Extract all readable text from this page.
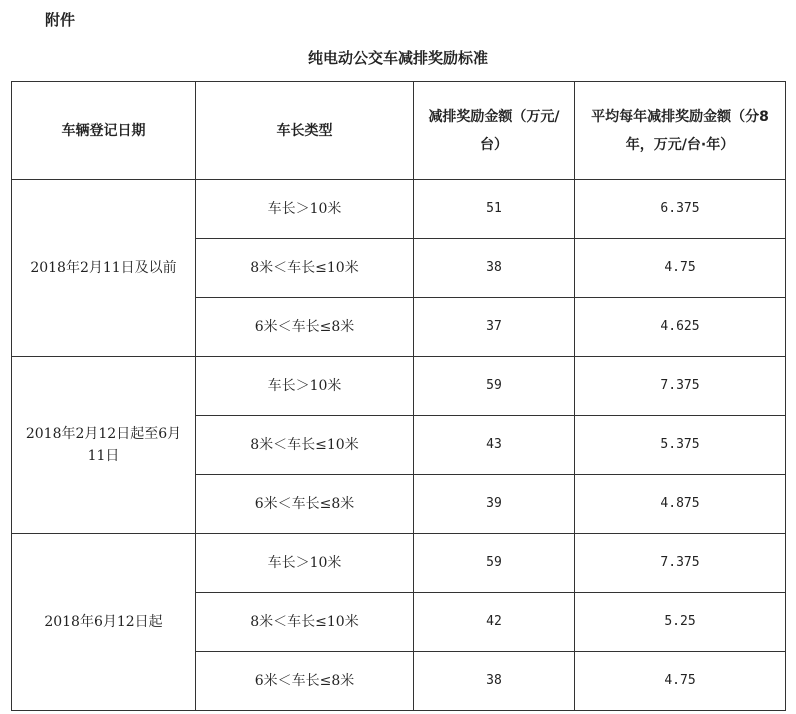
附件
纯电动公交车减排奖励标准
车辆登记日期	车长类型	减排奖励金额（万元/台）	平均每年减排奖励金额（分8年，万元/台·年）
2018年2月11日及以前	车长＞10米	51	6.375
	8米＜车长≤10米	38	4.75
	6米＜车长≤8米	37	4.625
2018年2月12日起至6月11日	车长＞10米	59	7.375
	8米＜车长≤10米	43	5.375
	6米＜车长≤8米	39	4.875
2018年6月12日起	车长＞10米	59	7.375
	8米＜车长≤10米	42	5.25
	6米＜车长≤8米	38	4.75
